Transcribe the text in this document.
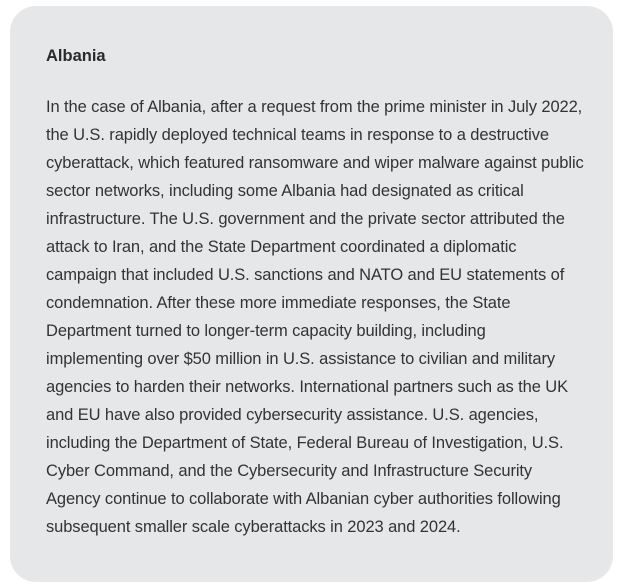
Albania

In the case of Albania, after a request from the prime minister in July 2022, the U.S. rapidly deployed technical teams in response to a destructive cyberattack, which featured ransomware and wiper malware against public sector networks, including some Albania had designated as critical infrastructure. The U.S. government and the private sector attributed the attack to Iran, and the State Department coordinated a diplomatic campaign that included U.S. sanctions and NATO and EU statements of condemnation. After these more immediate responses, the State Department turned to longer-term capacity building, including implementing over $50 million in U.S. assistance to civilian and military agencies to harden their networks. International partners such as the UK and EU have also provided cybersecurity assistance. U.S. agencies, including the Department of State, Federal Bureau of Investigation, U.S. Cyber Command, and the Cybersecurity and Infrastructure Security Agency continue to collaborate with Albanian cyber authorities following subsequent smaller scale cyberattacks in 2023 and 2024.
